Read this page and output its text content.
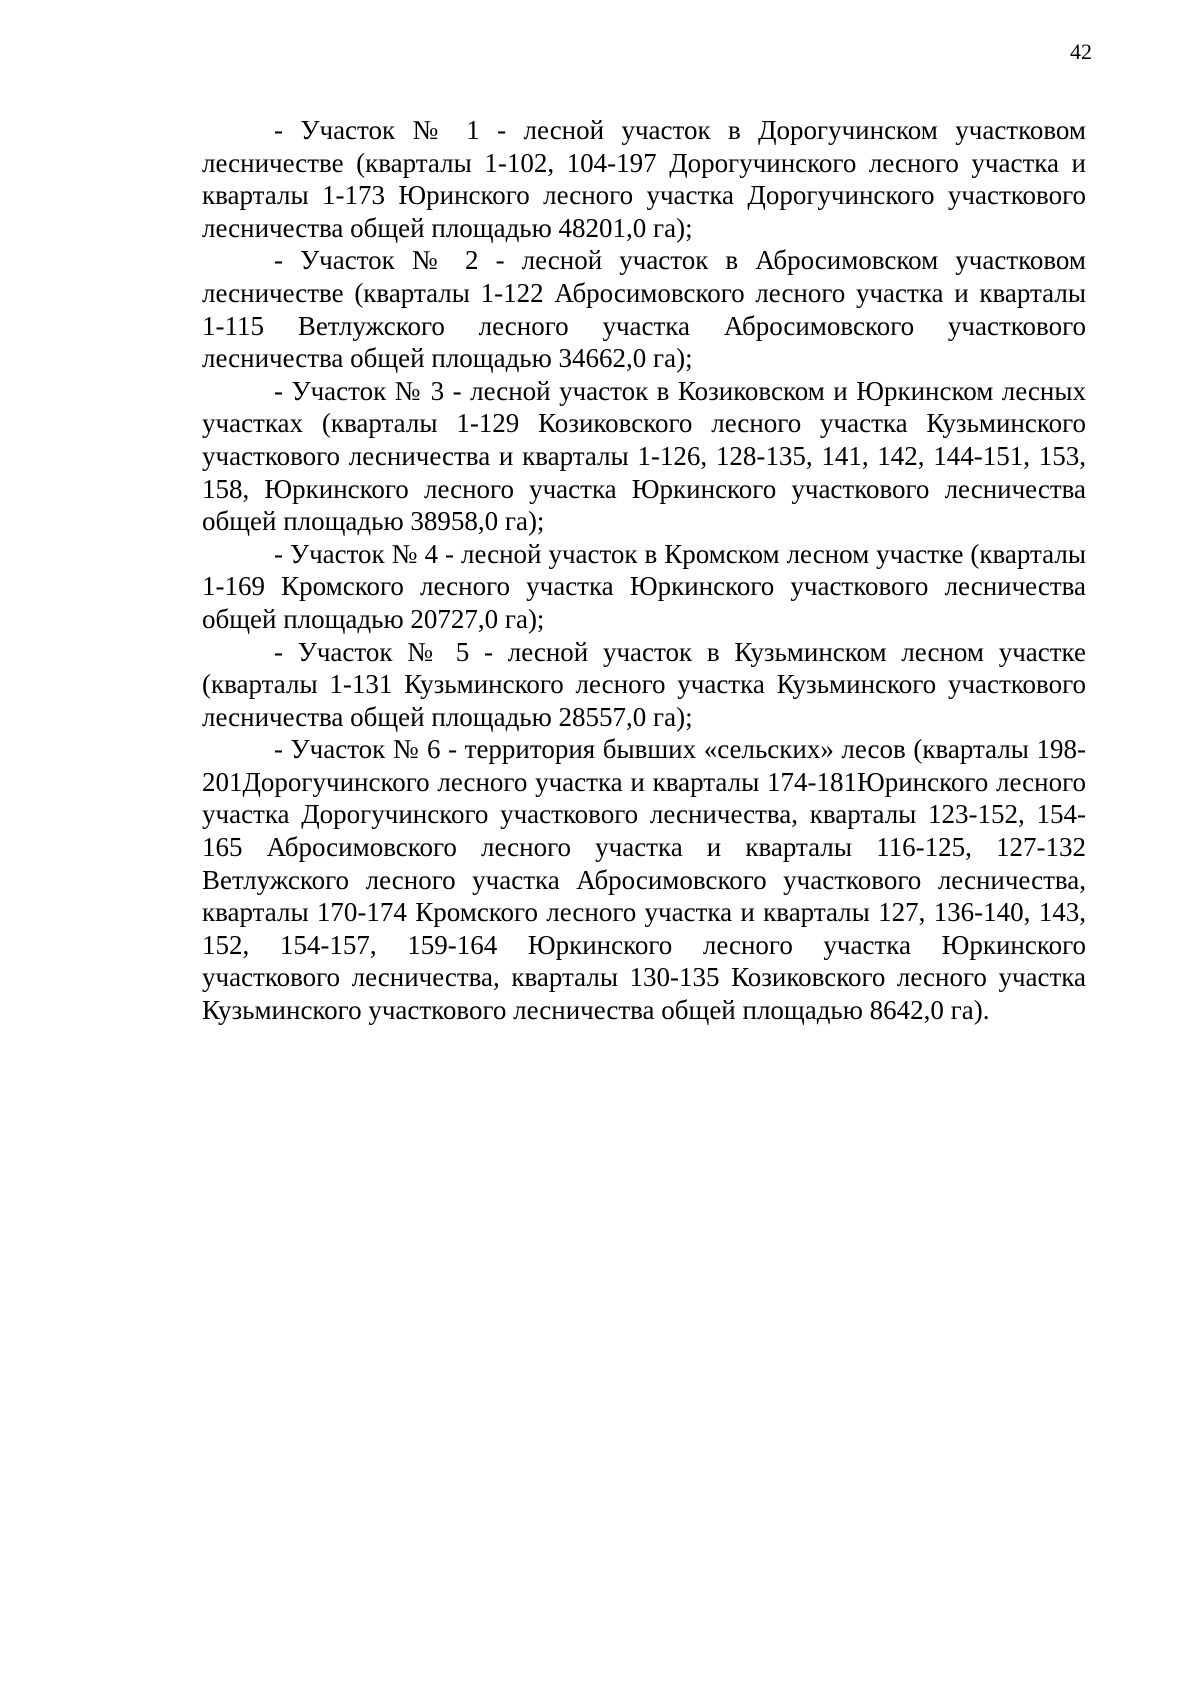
42

- Участок № 1 - лесной участок в Дорогучинском участковом лесничестве (кварталы 1-102, 104-197 Дорогучинского лесного участка и кварталы 1-173 Юринского лесного участка Дорогучинского участкового лесничества общей площадью 48201,0 га);

- Участок № 2 - лесной участок в Абросимовском участковом лесничестве (кварталы 1-122 Абросимовского лесного участка и кварталы 1-115 Ветлужского лесного участка Абросимовского участкового лесничества общей площадью 34662,0 га);

- Участок № 3 - лесной участок в Козиковском и Юркинском лесных участках (кварталы 1-129 Козиковского лесного участка Кузьминского участкового лесничества и кварталы 1-126, 128-135, 141, 142, 144-151, 153, 158, Юркинского лесного участка Юркинского участкового лесничества общей площадью 38958,0 га);

- Участок № 4 - лесной участок в Кромском лесном участке (кварталы 1-169 Кромского лесного участка Юркинского участкового лесничества общей площадью 20727,0 га);

- Участок № 5 - лесной участок в Кузьминском лесном участке (кварталы 1-131 Кузьминского лесного участка Кузьминского участкового лесничества общей площадью 28557,0 га);

- Участок № 6 - территория бывших «сельских» лесов (кварталы 198-201Дорогучинского лесного участка и кварталы 174-181Юринского лесного участка Дорогучинского участкового лесничества, кварталы 123-152, 154-165 Абросимовского лесного участка и кварталы 116-125, 127-132 Ветлужского лесного участка Абросимовского участкового лесничества, кварталы 170-174 Кромского лесного участка и кварталы 127, 136-140, 143, 152, 154-157, 159-164 Юркинского лесного участка Юркинского участкового лесничества, кварталы 130-135 Козиковского лесного участка Кузьминского участкового лесничества общей площадью 8642,0 га).
